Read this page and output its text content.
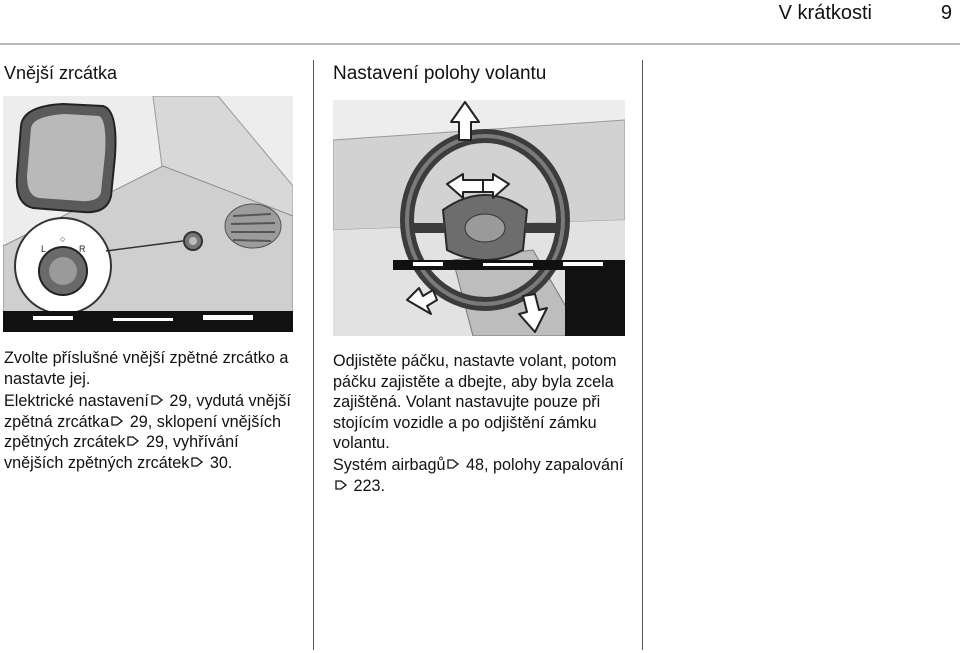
V krátkosti	9
Vnější zrcátka
L
○
R
Zvolte příslušné vnější zpětné zrcátko a nastavte jej.
Elektrické nastavení 29, vydutá vnější zpětná zrcátka 29, sklopení vnějších zpětných zrcátek 29, vyhřívání vnějších zpětných zrcátek 30.
Nastavení polohy volantu
Odjistěte páčku, nastavte volant, potom páčku zajistěte a dbejte, aby byla zcela zajištěná. Volant nastavujte pouze při stojícím vozidle a po odjištění zámku volantu.
Systém airbagů 48, polohy zapalování 223.
